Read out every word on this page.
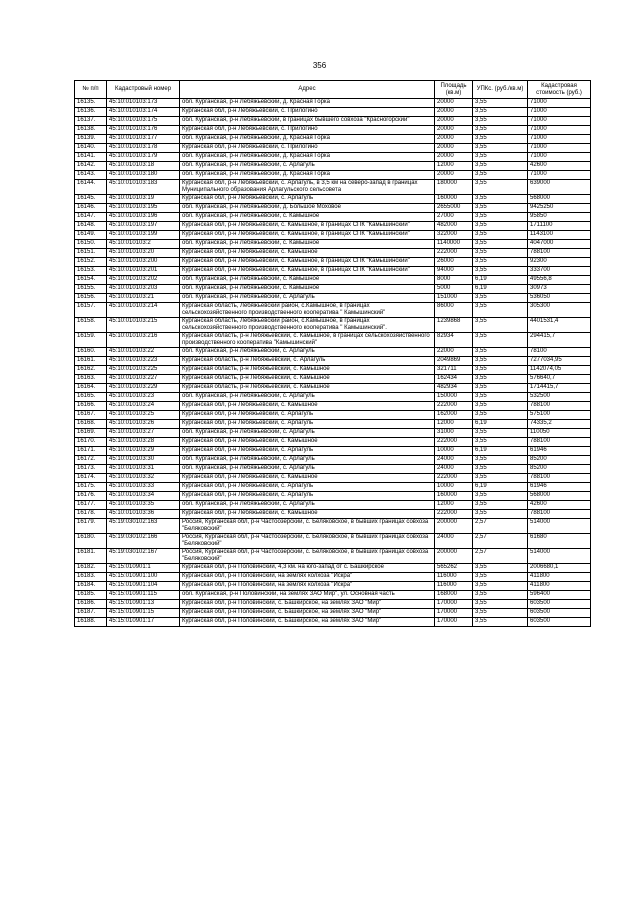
356
№ п/п	Кадастровый номер	Адрес	Площадь (кв.м)	УПКс. (руб./кв.м)	Кадастровая стоимость (руб.)
16135.	45:10:010103:173	обл. Курганская, р-н Лебяжьевский, д. Красная Горка	20000	3,55	71000
16136.	45:10:010103:174	Курганская обл, р-н Лебяжьевский, с. Прилогино	20000	3,55	71000
16137.	45:10:010103:175	обл. Курганская, р-н Лебяжьевский, в границах бывшего совхоза "Красногорский"	20000	3,55	71000
16138.	45:10:010103:176	Курганская обл, р-н Лебяжьевский, с. Прилогино	20000	3,55	71000
16139.	45:10:010103:177	обл. Курганская, р-н Лебяжьевский, д. Красная Горка	20000	3,55	71000
16140.	45:10:010103:178	Курганская обл, р-н Лебяжьевский, с. Прилогино	20000	3,55	71000
16141.	45:10:010103:179	обл. Курганская, р-н Лебяжьевский, д. Красная Горка	20000	3,55	71000
16142.	45:10:010103:18	обл. Курганская, р-н Лебяжьевский, с. Арлагуль	12000	3,55	42600
16143.	45:10:010103:180	обл. Курганская, р-н Лебяжьевский, д. Красная Горка	20000	3,55	71000
16144.	45:10:010103:183	Курганская обл, р-н Лебяжьевский, с. Арлагуль, в 3,5 км на северо-запад в границах Муниципального образования Арлагульского сельсовета	180000	3,55	639000
16145.	45:10:010103:19	Курганская обл, р-н Лебяжьевский, с. Арлагуль	160000	3,55	568000
16146.	45:10:010103:195	обл. Курганская, р-н Лебяжьевский, д. Большое Моховое	2655000	3,55	9425250
16147.	45:10:010103:196	обл. Курганская, р-н Лебяжьевский, с. Камышное	27000	3,55	95850
16148.	45:10:010103:197	Курганская обл, р-н Лебяжьевский, с. Камышное, в границах СПК "Камышинский"	482000	3,55	1711100
16149.	45:10:010103:199	Курганская обл, р-н Лебяжьевский, с. Камышное, в границах СПК "Камышинский"	322000	3,55	1143100
16150.	45:10:010103:2	обл. Курганская, р-н Лебяжьевский, с. Камышное	1140000	3,55	4047000
16151.	45:10:010103:20	Курганская обл, р-н Лебяжьевский, с. Камышное	222000	3,55	788100
16152.	45:10:010103:200	Курганская обл, р-н Лебяжьевский, с. Камышное, в границах СПК "Камышинский"	26000	3,55	92300
16153.	45:10:010103:201	Курганская обл, р-н Лебяжьевский, с. Камышное, в границах СПК "Камышинский"	94000	3,55	333700
16154.	45:10:010103:202	обл. Курганская, р-н Лебяжьевский, с. Камышное	8000	6,19	49556,8
16155.	45:10:010103:203	обл. Курганская, р-н Лебяжьевский, с. Камышное	5000	6,19	30973
16156.	45:10:010103:21	обл. Курганская, р-н Лебяжьевский, с. Арлагуль	151000	3,55	536050
16157.	45:10:010103:214	Курганская область, Лебяжьевский район, с.Камышное, в границах сельскохозяйственного производственного кооператива " Камышинский"	86000	3,55	305300
16158.	45:10:010103:215	Курганская область, Лебяжьевский район, с.Камышное, в границах сельскохозяйственного производственного кооператива " Камышинский".	1239868	3,55	4401531,4
16159.	45:10:010103:216	Курганская область, р-н Лебяжьевский, с. Камышное, в границах сельскохозяйственного производственного кооператива "Камышинский"	82934	3,55	294415,7
16160.	45:10:010103:22	обл. Курганская, р-н Лебяжьевский, с. Арлагуль	22000	3,55	78100
16161.	45:10:010103:223	Курганская область, р-н Лебяжьевский, с. Арлагуль	2049869	3,55	7277034,95
16162.	45:10:010103:225	Курганская область, р-н Лебяжьевский, с. Камышное	321711	3,55	1142074,05
16163.	45:10:010103:227	Курганская область, р-н Лебяжьевский, с. Камышное	162434	3,55	576640,7
16164.	45:10:010103:229	Курганская область, р-н Лебяжьевский, с. Камышное	482934	3,55	1714415,7
16165.	45:10:010103:23	обл. Курганская, р-н Лебяжьевский, с. Арлагуль	150000	3,55	532500
16166.	45:10:010103:24	Курганская обл, р-н Лебяжьевский, с. Камышное	222000	3,55	788100
16167.	45:10:010103:25	Курганская обл, р-н Лебяжьевский, с. Арлагуль	162000	3,55	575100
16168.	45:10:010103:26	Курганская обл, р-н Лебяжьевский, с. Арлагуль	12000	6,19	74335,2
16169.	45:10:010103:27	обл. Курганская, р-н Лебяжьевский, с. Арлагуль	31000	3,55	110050
16170.	45:10:010103:28	Курганская обл, р-н Лебяжьевский, с. Камышное	222000	3,55	788100
16171.	45:10:010103:29	Курганская обл, р-н Лебяжьевский, с. Арлагуль	10000	6,19	61946
16172.	45:10:010103:30	обл. Курганская, р-н Лебяжьевский, с. Арлагуль	24000	3,55	85200
16173.	45:10:010103:31	обл. Курганская, р-н Лебяжьевский, с. Арлагуль	24000	3,55	85200
16174.	45:10:010103:32	Курганская обл, р-н Лебяжьевский, с. Камышное	222000	3,55	788100
16175.	45:10:010103:33	Курганская обл, р-н Лебяжьевский, с. Арлагуль	10000	6,19	61946
16176.	45:10:010103:34	Курганская обл, р-н Лебяжьевский, с. Арлагуль	160000	3,55	568000
16177.	45:10:010103:35	обл. Курганская, р-н Лебяжьевский, с. Арлагуль	12000	3,55	42600
16178.	45:10:010103:36	Курганская обл, р-н Лебяжьевский, с. Камышное	222000	3,55	788100
16179.	45:19:030102:163	Россия, Курганская обл, р-н Частоозерский, с. Беляковское, в бывших границах совхоза "Беляковский"	200000	2,57	514000
16180.	45:19:030102:166	Россия, Курганская обл, р-н Частоозерский, с. Беляковское, в бывших границах совхоза "Беляковский"	24000	2,57	61680
16181.	45:19:030102:167	Россия, Курганская обл, р-н Частоозерский, с. Беляковское, в бывших границах совхоза "Беляковский"	200000	2,57	514000
16182.	45:15:010901:1	Курганская обл, р-н Половинский, 4,3 км. на юго-запад от с. Башкирское	565262	3,55	2006680,1
16183.	45:15:010901:100	Курганская обл, р-н Половинский, на землях колхоза "Искра"	116000	3,55	411800
16184.	45:15:010901:104	Курганская обл, р-н Половинский, на землях колхоза "Искра"	116000	3,55	411800
16185.	45:15:010901:115	обл. Курганская, р-н Половинский, на землях ЗАО Мир", ул. Основная часть	168000	3,55	596400
16186.	45:15:010901:13	Курганская обл, р-н Половинский, с. Башкирское, на землях ЗАО "Мир"	170000	3,55	603500
16187.	45:15:010901:15	Курганская обл, р-н Половинский, с. Башкирское, на землях ЗАО "Мир"	170000	3,55	603500
16188.	45:15:010901:17	Курганская обл, р-н Половинский, с. Башкирское, на землях ЗАО "Мир"	170000	3,55	603500
